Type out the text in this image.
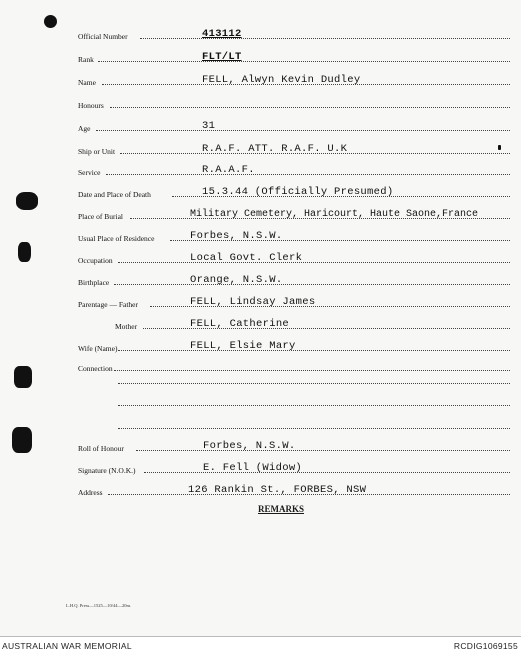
Official Number	413112
Rank	FLT/LT
Name	FELL, Alwyn Kevin Dudley
Honours
Age	31
Ship or Unit	R.A.F. ATT. R.A.F. U.K
Service	R.A.A.F.
Date and Place of Death	15.3.44 (Officially Presumed)
Place of Burial	Military Cemetery, Haricourt, Haute Saone,France
Usual Place of Residence	Forbes, N.S.W.
Occupation	Local Govt. Clerk
Birthplace	Orange, N.S.W.
Parentage — Father	FELL, Lindsay James
Mother	FELL, Catherine
Wife (Name)	FELL, Elsie Mary
Connection
Roll of Honour	Forbes, N.S.W.
Signature (N.O.K.)	E. Fell (Widow)
Address	126 Rankin St., FORBES, NSW
REMARKS
L.H.Q. Press—1525—10/44—20m.
AUSTRALIAN WAR MEMORIAL	RCDIG1069155
